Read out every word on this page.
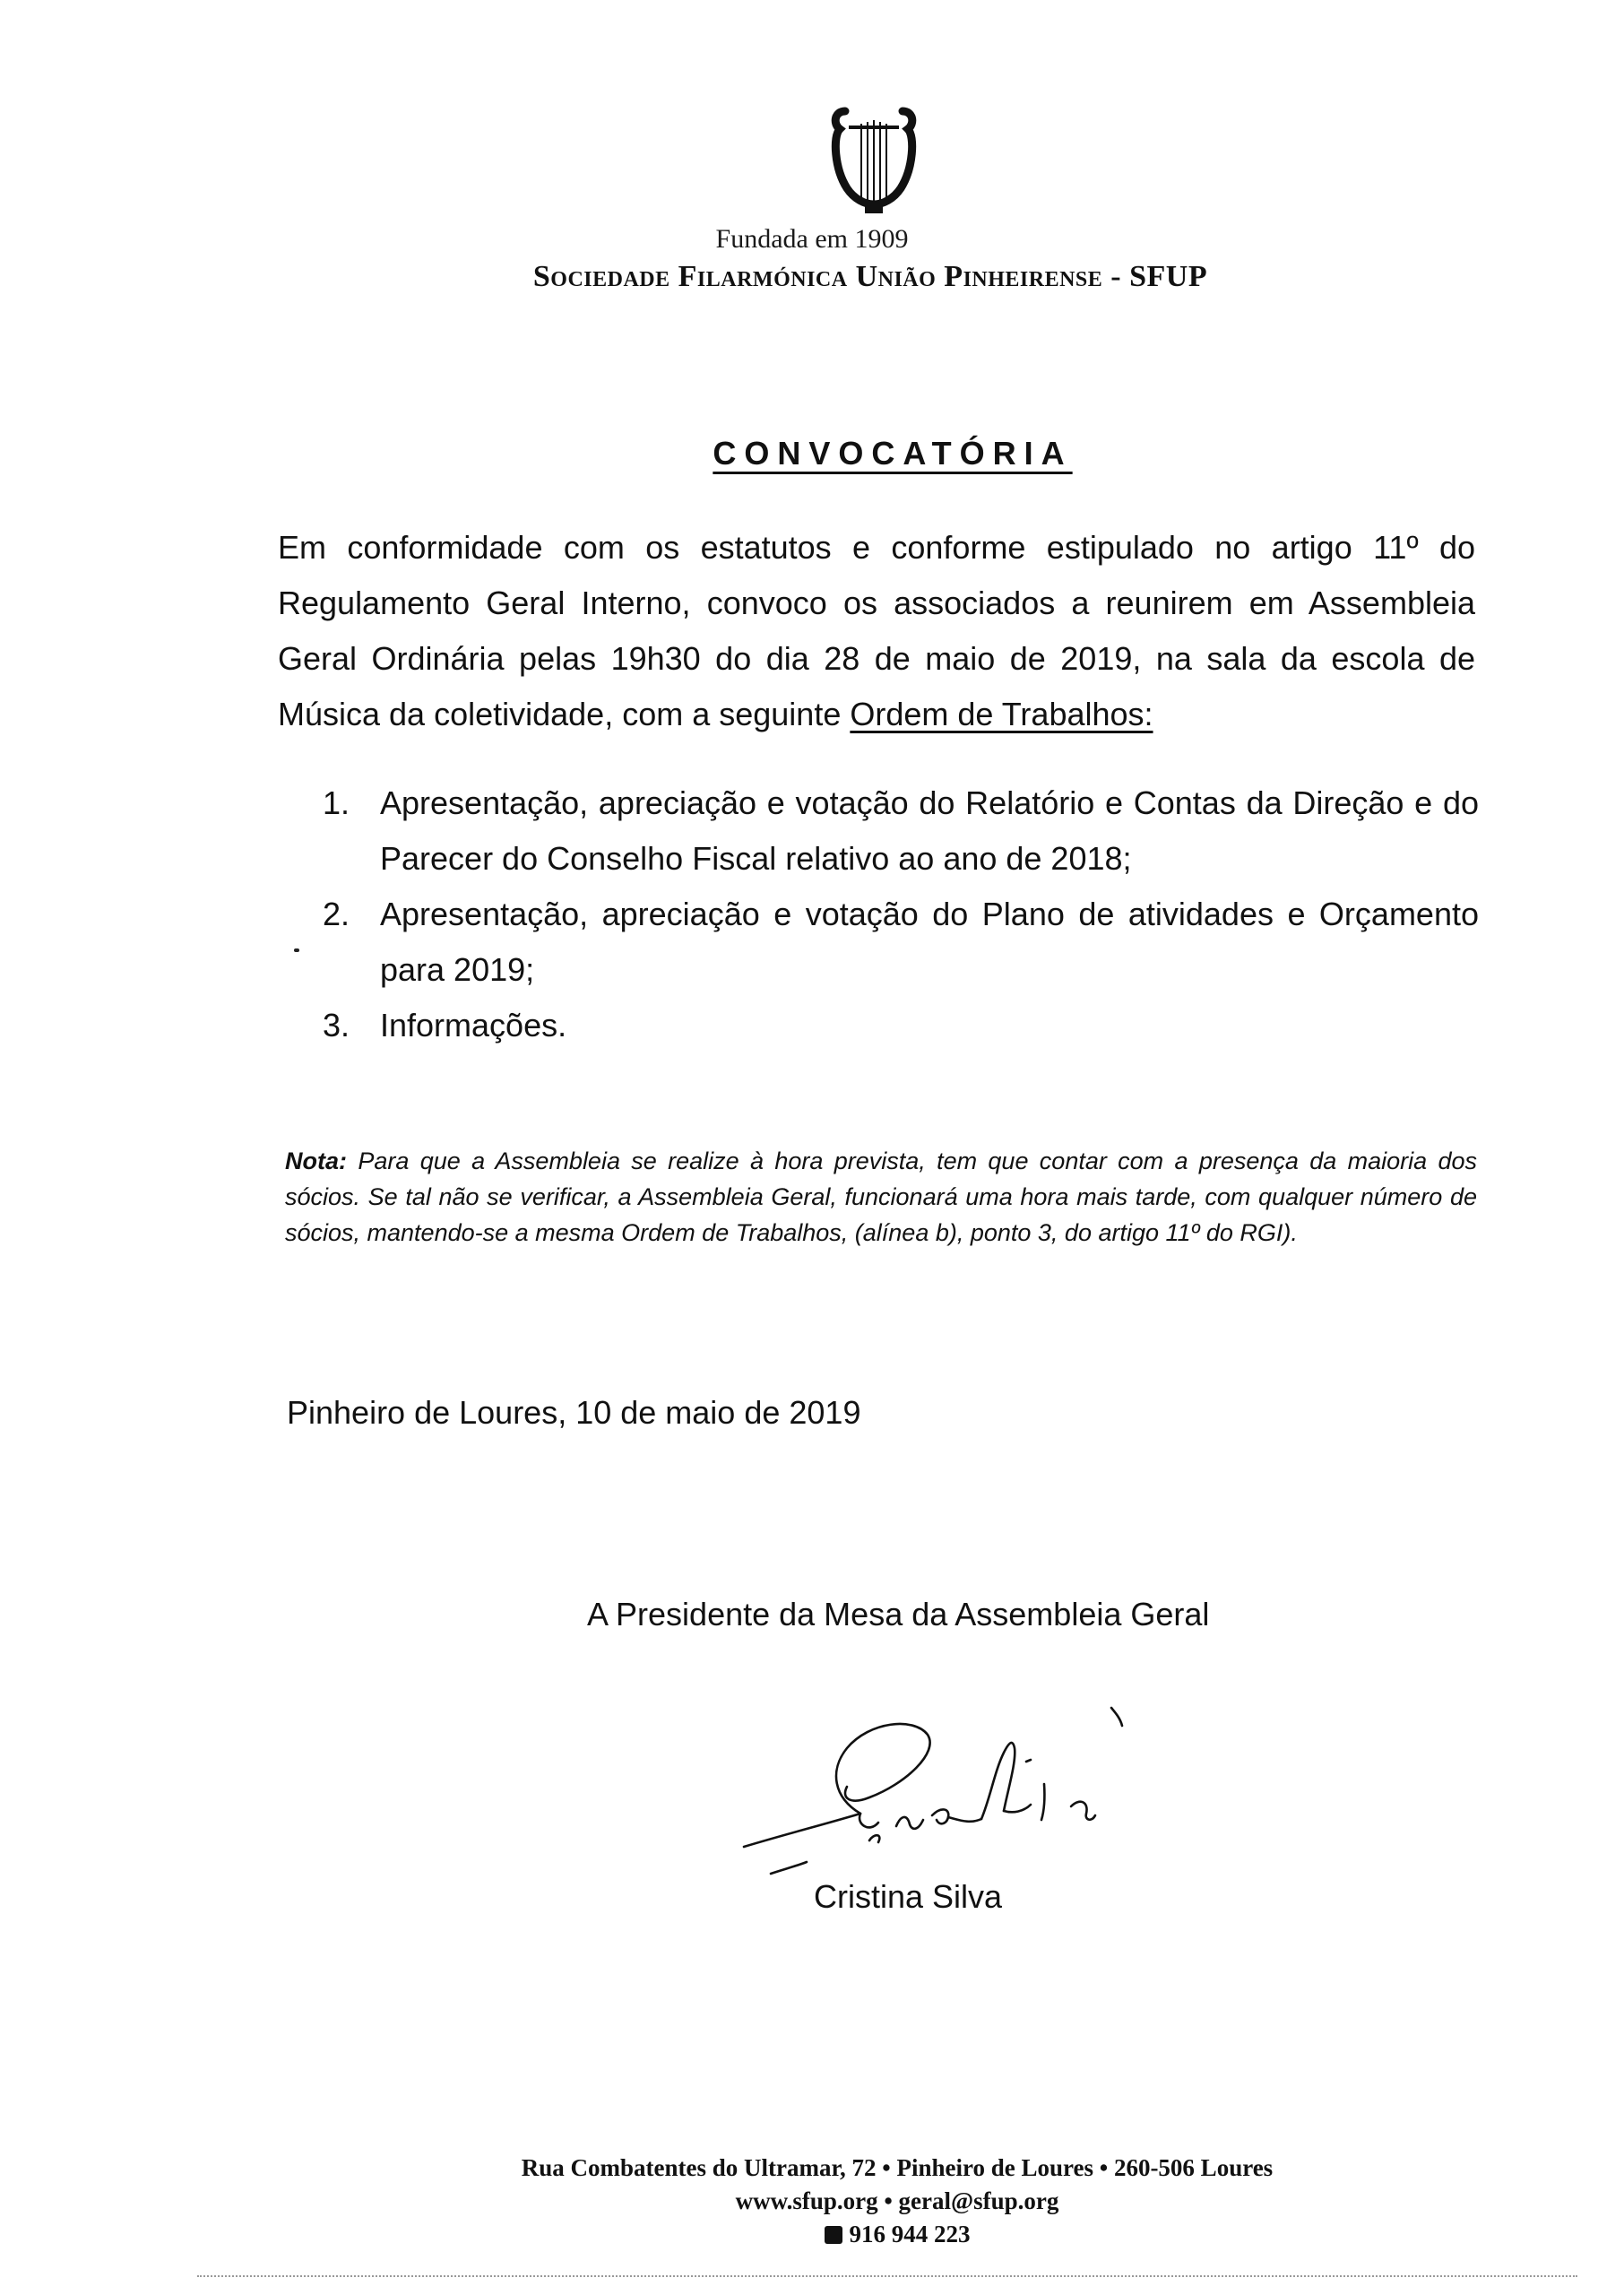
Fundada em 1909
Sociedade Filarmónica União Pinheirense - SFUP
CONVOCATÓRIA
Em conformidade com os estatutos e conforme estipulado no artigo 11º do Regulamento Geral Interno, convoco os associados a reunirem em Assembleia Geral Ordinária pelas 19h30 do dia 28 de maio de 2019, na sala da escola de Música da coletividade, com a seguinte Ordem de Trabalhos:
1. Apresentação, apreciação e votação do Relatório e Contas da Direção e do Parecer do Conselho Fiscal relativo ao ano de 2018;
2. Apresentação, apreciação e votação do Plano de atividades e Orçamento para 2019;
3. Informações.
Nota: Para que a Assembleia se realize à hora prevista, tem que contar com a presença da maioria dos sócios. Se tal não se verificar, a Assembleia Geral, funcionará uma hora mais tarde, com qualquer número de sócios, mantendo-se a mesma Ordem de Trabalhos, (alínea b), ponto 3, do artigo 11º do RGI).
Pinheiro de Loures, 10 de maio de 2019
A Presidente da Mesa da Assembleia Geral
Cristina Silva
Rua Combatentes do Ultramar, 72 • Pinheiro de Loures • 260-506 Loures
www.sfup.org • geral@sfup.org
916 944 223
